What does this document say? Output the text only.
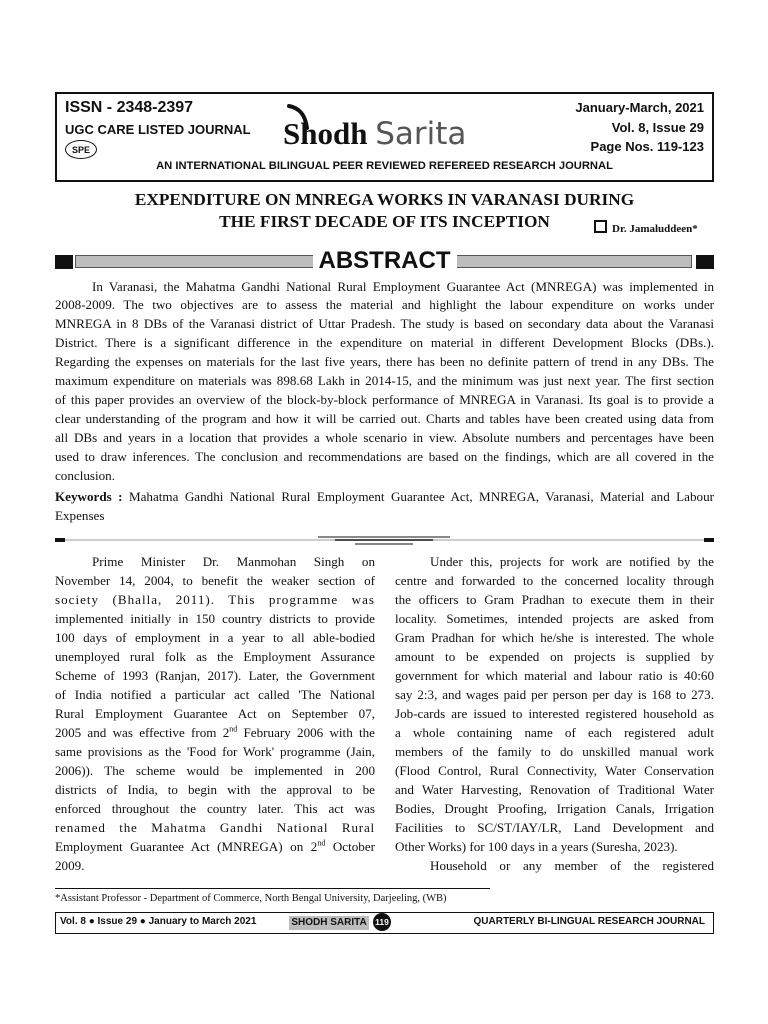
ISSN - 2348-2397
UGC CARE LISTED JOURNAL
SPE	Shodh Sarita
January-March, 2021
Vol. 8, Issue 29
Page Nos. 119-123
AN INTERNATIONAL BILINGUAL PEER REVIEWED REFEREED RESEARCH JOURNAL
EXPENDITURE ON MNREGA WORKS IN VARANASI DURING
THE FIRST DECADE OF ITS INCEPTION	Dr. Jamaluddeen*
ABSTRACT
In Varanasi, the Mahatma Gandhi National Rural Employment Guarantee Act (MNREGA) was implemented in
2008-2009. The two objectives are to assess the material and highlight the labour expenditure on works under
MNREGA in 8 DBs of the Varanasi district of Uttar Pradesh. The study is based on secondary data about the Varanasi
District. There is a significant difference in the expenditure on material in different Development Blocks (DBs.).
Regarding the expenses on materials for the last five years, there has been no definite pattern of trend in any DBs. The
maximum expenditure on materials was 898.68 Lakh in 2014-15, and the minimum was just next year. The first section
of this paper provides an overview of the block-by-block performance of MNREGA in Varanasi. Its goal is to provide a
clear understanding of the program and how it will be carried out. Charts and tables have been created using data from
all DBs and years in a location that provides a whole scenario in view. Absolute numbers and percentages have been
used to draw inferences. The conclusion and recommendations are based on the findings, which are all covered in the
conclusion.
Keywords : Mahatma Gandhi National Rural Employment Guarantee Act, MNREGA, Varanasi, Material and Labour
Expenses
Prime Minister Dr. Manmohan Singh on
November 14, 2004, to benefit the weaker section of
society (Bhalla, 2011). This programme was
implemented initially in 150 country districts to provide
100 days of employment in a year to all able-bodied
unemployed rural folk as the Employment Assurance
Scheme of 1993 (Ranjan, 2017). Later, the Government
of India notified a particular act called 'The National
Rural Employment Guarantee Act on September 07,
2005 and was effective from 2nd February 2006 with the
same provisions as the 'Food for Work' programme (Jain,
2006)). The scheme would be implemented in 200
districts of India, to begin with the approval to be
enforced throughout the country later. This act was
renamed the Mahatma Gandhi National Rural
Employment Guarantee Act (MNREGA) on 2nd October
2009.
Under this, projects for work are notified by the
centre and forwarded to the concerned locality through
the officers to Gram Pradhan to execute them in their
locality. Sometimes, intended projects are asked from
Gram Pradhan for which he/she is interested. The whole
amount to be expended on projects is supplied by
government for which material and labour ratio is 40:60
say 2:3, and wages paid per person per day is 168 to 273.
Job-cards are issued to interested registered household as
a whole containing name of each registered adult
members of the family to do unskilled manual work
(Flood Control, Rural Connectivity, Water Conservation
and Water Harvesting, Renovation of Traditional Water
Bodies, Drought Proofing, Irrigation Canals, Irrigation
Facilities to SC/ST/IAY/LR, Land Development and
Other Works) for 100 days in a years (Suresha, 2023).
Household or any member of the registered
*Assistant Professor - Department of Commerce, North Bengal University, Darjeeling, (WB)
Vol. 8 ● Issue 29 ● January to March 2021	SHODH SARITA 119	QUARTERLY BI-LINGUAL RESEARCH JOURNAL
